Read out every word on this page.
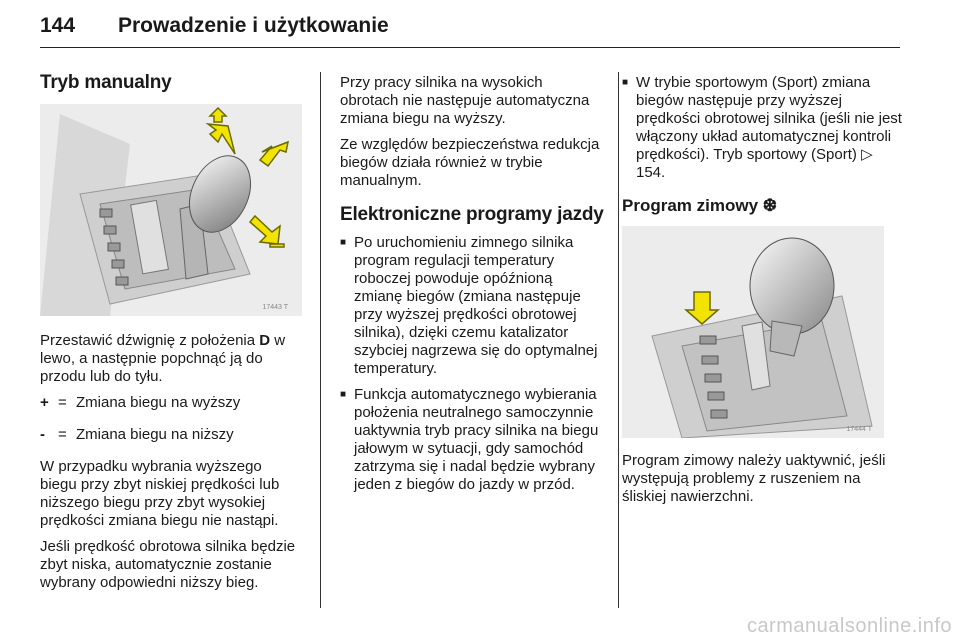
144 Prowadzenie i użytkowanie
Tryb manualny
17443 T

Przestawić dźwignię z położenia D w lewo, a następnie popchnąć ją do przodu lub do tyłu.

+ = Zmiana biegu na wyższy
- = Zmiana biegu na niższy

W przypadku wybrania wyższego biegu przy zbyt niskiej prędkości lub niższego biegu przy zbyt wysokiej prędkości zmiana biegu nie nastąpi.

Jeśli prędkość obrotowa silnika będzie zbyt niska, automatycznie zostanie wybrany odpowiedni niższy bieg.

Przy pracy silnika na wysokich obrotach nie następuje automatyczna zmiana biegu na wyższy.

Ze względów bezpieczeństwa redukcja biegów działa również w trybie manualnym.

Elektroniczne programy jazdy
■ Po uruchomieniu zimnego silnika program regulacji temperatury roboczej powoduje opóźnioną zmianę biegów (zmiana następuje przy wyższej prędkości obrotowej silnika), dzięki czemu katalizator szybciej nagrzewa się do optymalnej temperatury.
■ Funkcja automatycznego wybierania położenia neutralnego samoczynnie uaktywnia tryb pracy silnika na biegu jałowym w sytuacji, gdy samochód zatrzyma się i nadal będzie wybrany jeden z biegów do jazdy w przód.
■ W trybie sportowym (Sport) zmiana biegów następuje przy wyższej prędkości obrotowej silnika (jeśli nie jest włączony układ automatycznej kontroli prędkości). Tryb sportowy (Sport) ▷ 154.
Program zimowy ❆
17444 T

Program zimowy należy uaktywnić, jeśli występują problemy z ruszeniem na śliskiej nawierzchni.

carmanualsonline.info
